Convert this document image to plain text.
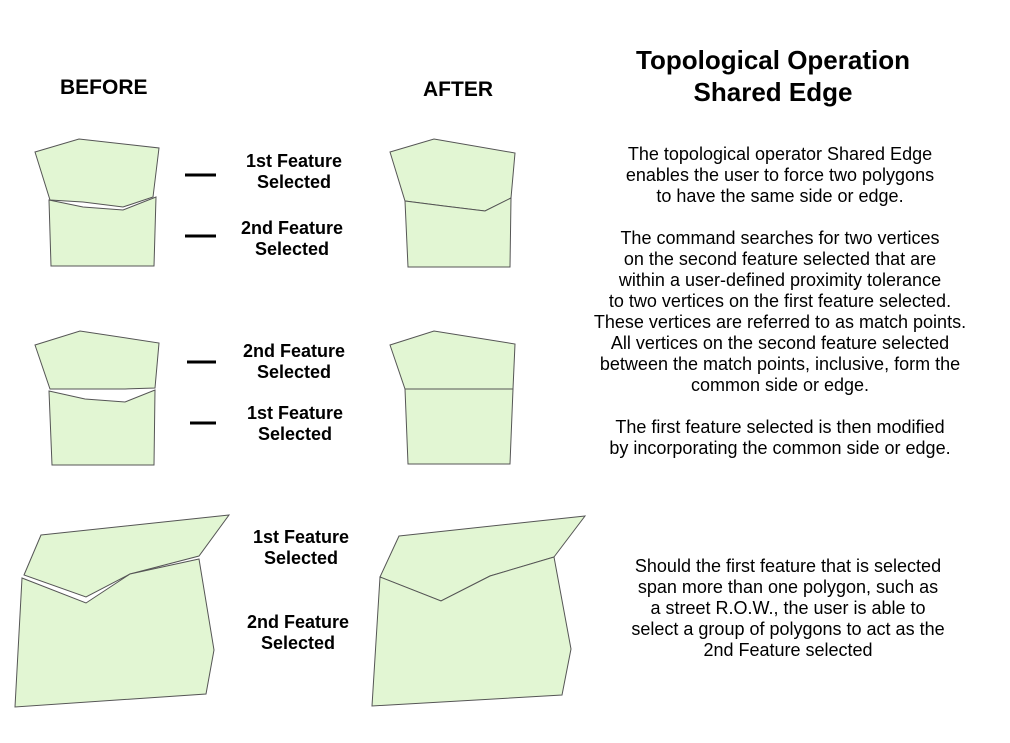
BEFORE	AFTER
Topological Operation
Shared Edge
1st Feature
Selected
2nd Feature
Selected
2nd Feature
Selected
1st Feature
Selected
1st Feature
Selected
2nd Feature
Selected
The topological operator Shared Edge
enables the user to force two polygons
to have the same side or edge.
The command searches for two vertices
on the second feature selected that are
within a user-defined proximity tolerance
to two vertices on the first feature selected.
These vertices are referred to as match points.
All vertices on the second feature selected
between the match points, inclusive, form the
common side or edge.
The first feature selected is then modified
by incorporating the common side or edge.
Should the first feature that is selected
span more than one polygon, such as
a street R.O.W., the user is able to
select a group of polygons to act as the
2nd Feature selected
